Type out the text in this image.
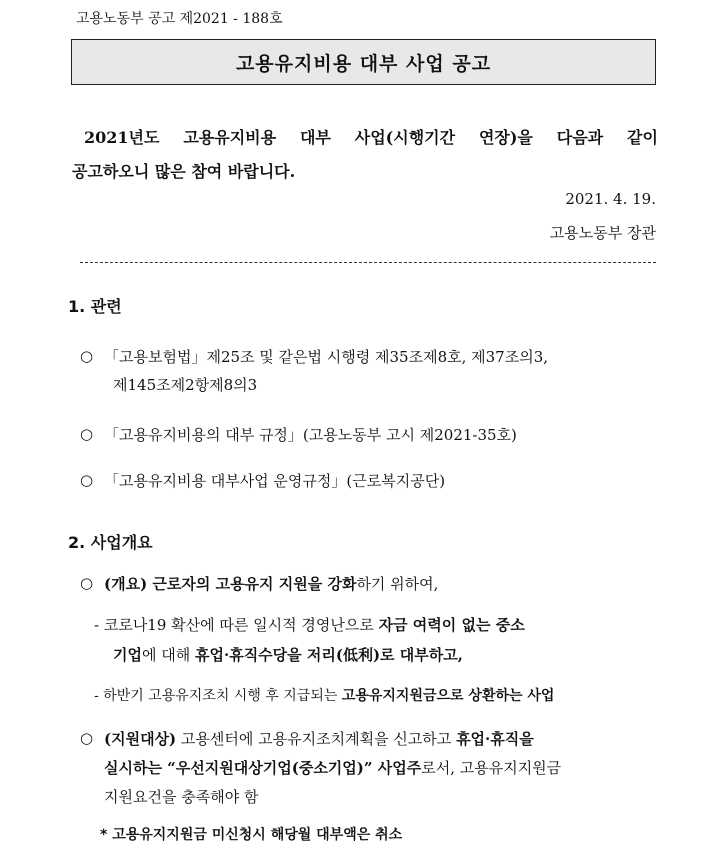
고용노동부 공고 제2021 - 188호
고용유지비용 대부 사업 공고
2021년도 고용유지비용 대부 사업(시행기간 연장)을 다음과 같이
공고하오니 많은 참여 바랍니다.
2021. 4. 19.
고용노동부 장관
1. 관련
○ 「고용보험법」제25조 및 같은법 시행령 제35조제8호, 제37조의3,
제145조제2항제8의3
○ 「고용유지비용의 대부 규정」(고용노동부 고시 제2021-35호)
○ 「고용유지비용 대부사업 운영규정」(근로복지공단)
2. 사업개요
○ (개요) 근로자의 고용유지 지원을 강화하기 위하여,
- 코로나19 확산에 따른 일시적 경영난으로 자금 여력이 없는 중소
기업에 대해 휴업·휴직수당을 저리(低利)로 대부하고,
- 하반기 고용유지조치 시행 후 지급되는 고용유지지원금으로 상환하는 사업
○ (지원대상) 고용센터에 고용유지조치계획을 신고하고 휴업·휴직을
실시하는 “우선지원대상기업(중소기업)” 사업주로서, 고용유지지원금
지원요건을 충족해야 함
* 고용유지지원금 미신청시 해당월 대부액은 취소
